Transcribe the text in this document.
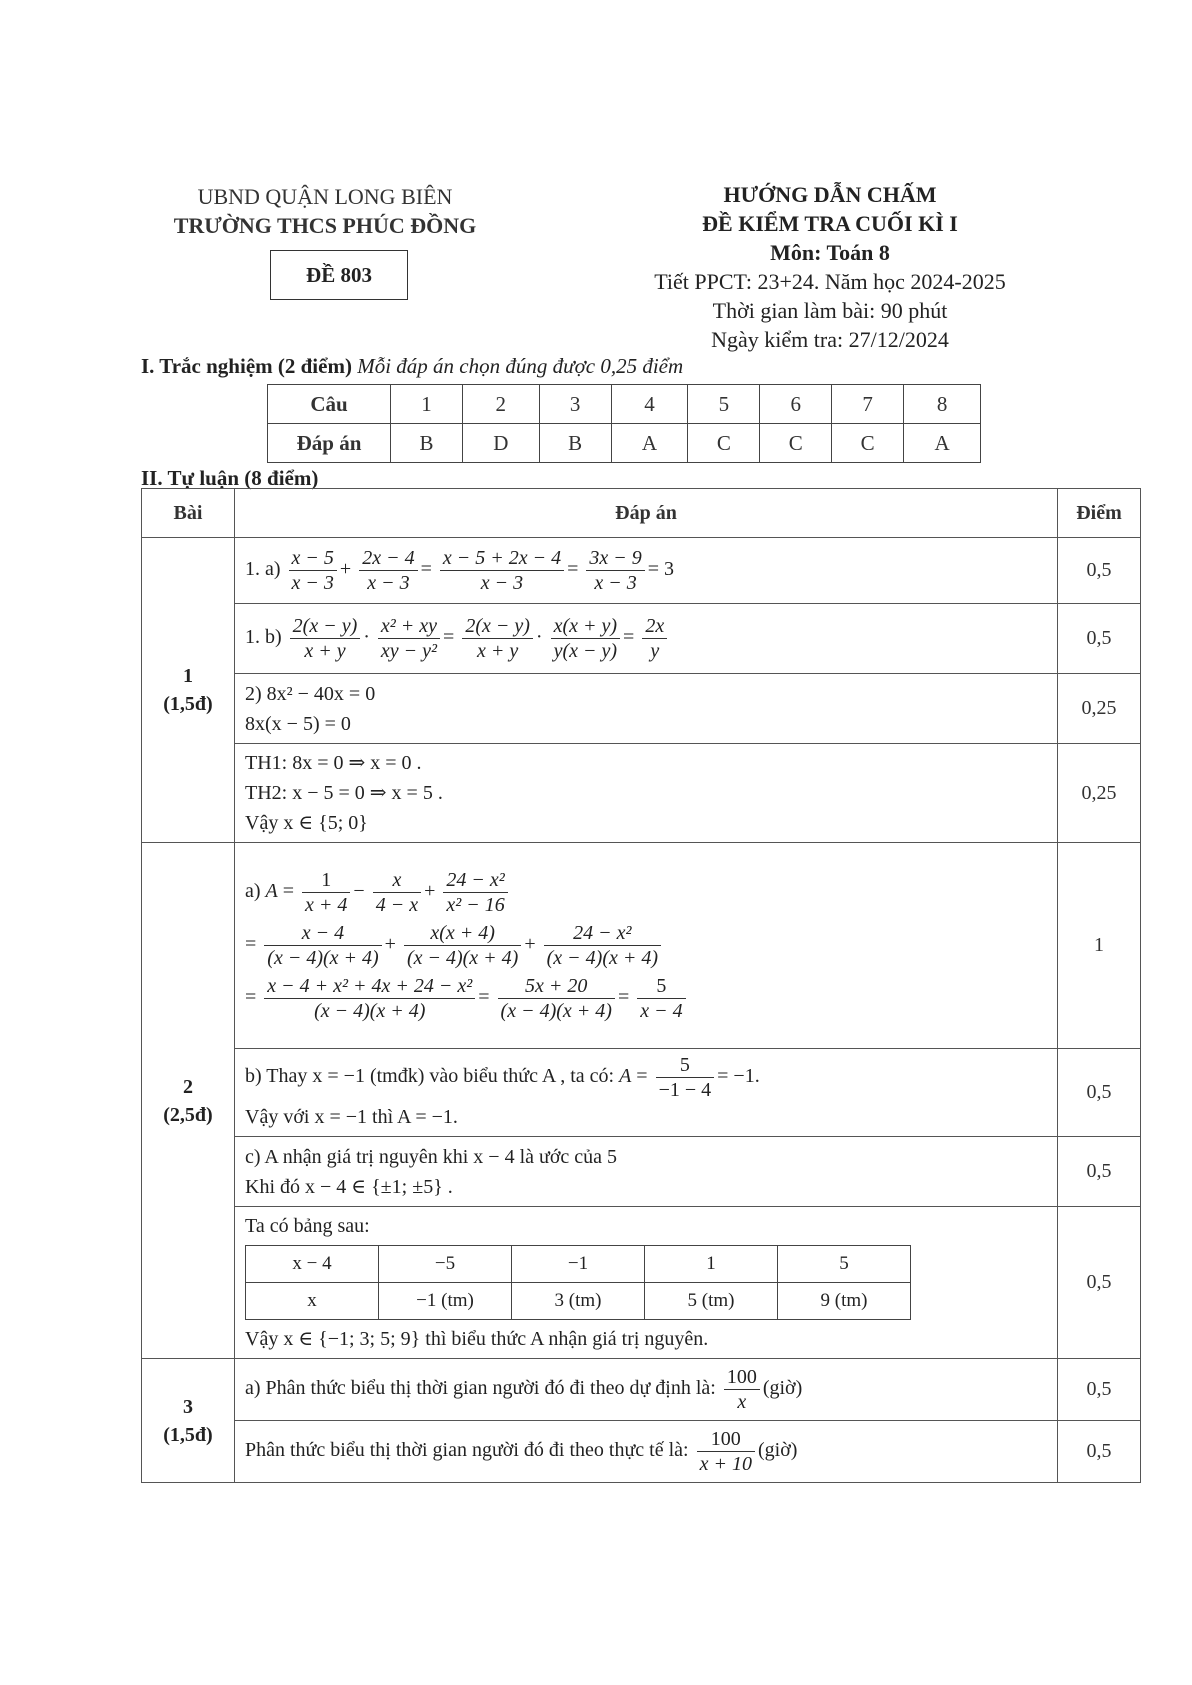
UBND QUẬN LONG BIÊN
TRƯỜNG THCS PHÚC ĐỒNG
ĐỀ 803
HƯỚNG DẪN CHẤM
ĐỀ KIỂM TRA CUỐI KÌ I
Môn: Toán 8
Tiết PPCT: 23+24. Năm học 2024-2025
Thời gian làm bài: 90 phút
Ngày kiểm tra: 27/12/2024
I. Trắc nghiệm (2 điểm) Mỗi đáp án chọn đúng được 0,25 điểm
Câu	1	2	3	4	5	6	7	8
Đáp án	B	D	B	A	C	C	C	A
II. Tự luận (8 điểm)
Bài	Đáp án	Điểm

1
(1,5đ)

1. $a) \frac{x - 5}{x - 3} + \frac{2x - 4}{x - 3} = \frac{x - 5 + 2x - 4}{x - 3} = \frac{3x - 9}{x - 3} = 3$	0,5

1. $b) \frac{2(x - y)}{x + y} \cdot \frac{\text{x² + xy}}{\text{xy − y²}} = \frac{2(x - y)}{x + y} \cdot \frac{x(x + y)}{y(x - y)} = \frac{2x}{y}$	0,5

2) 8x² − 40x = 0
8x(x − 5) = 0
	0,25

TH1: 8x = 0 ⇒ x = 0 .
TH2: x − 5 = 0 ⇒ x = 5 .
Vậy x ∈ {5; 0}
	0,25

2
(2,5đ)

a) $A = \frac{1}{x + 4} - \frac{x}{4 - x} + \frac{\text{24 − x²}}{\text{x² − 16}}$
= $\frac{x - 4}{(x - 4)(x + 4)} + \frac{x(x + 4)}{(x - 4)(x + 4)} + \frac{\text{24 − x²}}{(x - 4)(x + 4)}$
= $\frac{\text{x − 4 + x² + 4x + 24 − x²}}{(x - 4)(x + 4)} = \frac{5x + 20}{(x - 4)(x + 4)} = \frac{5}{x - 4}$
	1

b) Thay x = −1 (tmđk) vào biểu thức A , ta có: $A = \frac{5}{-1 - 4} = -1$.
Vậy với x = −1 thì A = −1.
	0,5

c) A nhận giá trị nguyên khi x − 4 là ước của 5
Khi đó x − 4 ∈ {±1; ±5} .
	0,5

Ta có bảng sau:
x − 4	−5	−1	1	5
x	−1 (tm)	3 (tm)	5 (tm)	9 (tm)
Vậy x ∈ {−1; 3; 5; 9} thì biểu thức A nhận giá trị nguyên.
	0,5

3
(1,5đ)

a) Phân thức biểu thị thời gian người đó đi theo dự định là: $\frac{100}{x}$ (giờ)	0,5

Phân thức biểu thị thời gian người đó đi theo thực tế là: $\frac{100}{x + 10}$ (giờ)	0,5
